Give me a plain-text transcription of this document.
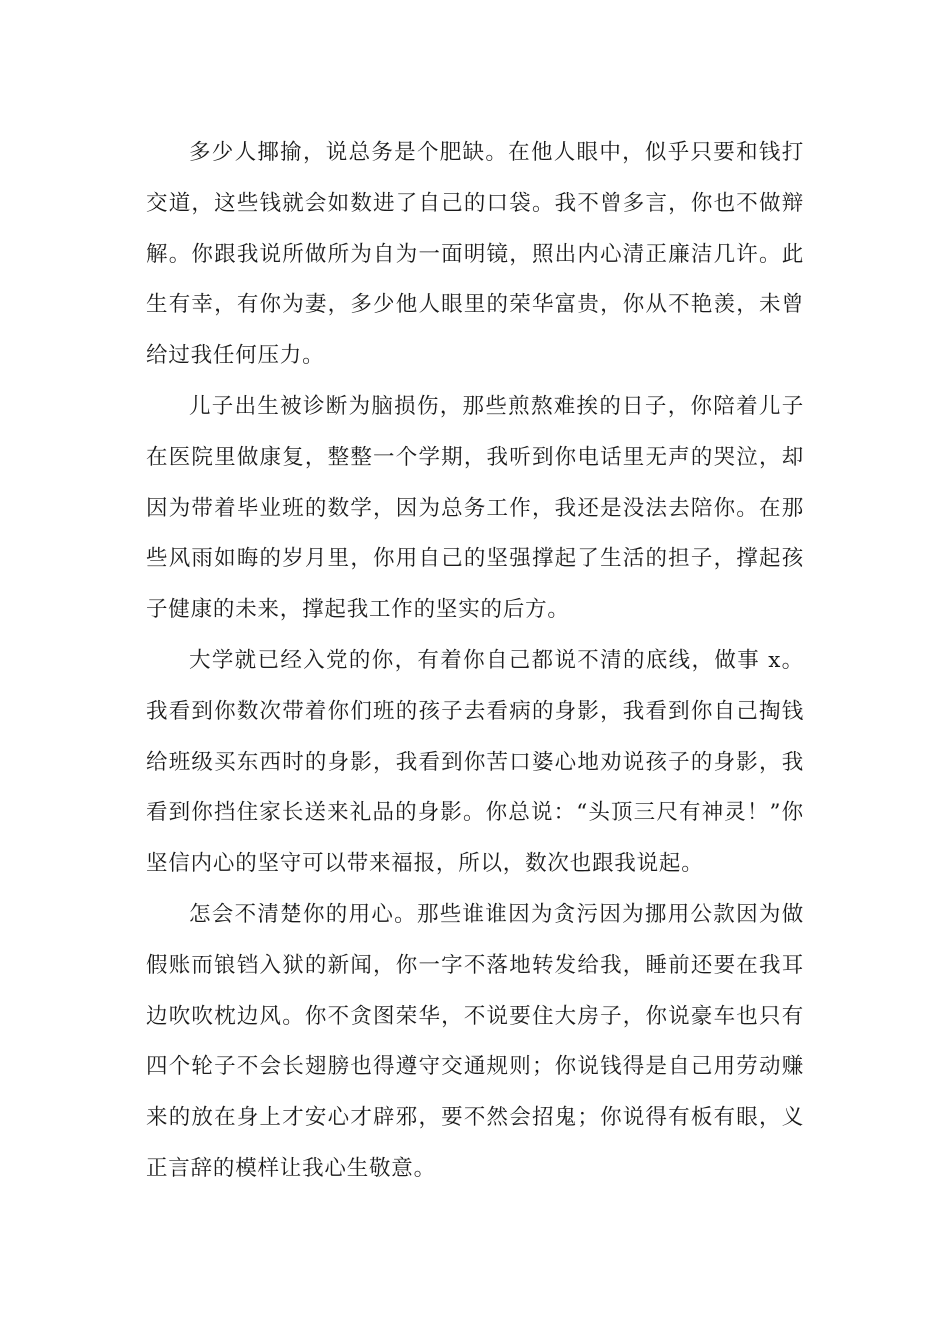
多少人揶揄，说总务是个肥缺。在他人眼中，似乎只要和钱打交道，这些钱就会如数进了自己的口袋。我不曾多言，你也不做辩解。你跟我说所做所为自为一面明镜，照出内心清正廉洁几许。此生有幸，有你为妻，多少他人眼里的荣华富贵，你从不艳羡，未曾给过我任何压力。

儿子出生被诊断为脑损伤，那些煎熬难挨的日子，你陪着儿子在医院里做康复，整整一个学期，我听到你电话里无声的哭泣，却因为带着毕业班的数学，因为总务工作，我还是没法去陪你。在那些风雨如晦的岁月里，你用自己的坚强撑起了生活的担子，撑起孩子健康的未来，撑起我工作的坚实的后方。

大学就已经入党的你，有着你自己都说不清的底线，做事 x。我看到你数次带着你们班的孩子去看病的身影，我看到你自己掏钱给班级买东西时的身影，我看到你苦口婆心地劝说孩子的身影，我看到你挡住家长送来礼品的身影。你总说：“头顶三尺有神灵！”你坚信内心的坚守可以带来福报，所以，数次也跟我说起。

怎会不清楚你的用心。那些谁谁因为贪污因为挪用公款因为做假账而锒铛入狱的新闻，你一字不落地转发给我，睡前还要在我耳边吹吹枕边风。你不贪图荣华，不说要住大房子，你说豪车也只有四个轮子不会长翅膀也得遵守交通规则；你说钱得是自己用劳动赚来的放在身上才安心才辟邪，要不然会招鬼；你说得有板有眼，义正言辞的模样让我心生敬意。
